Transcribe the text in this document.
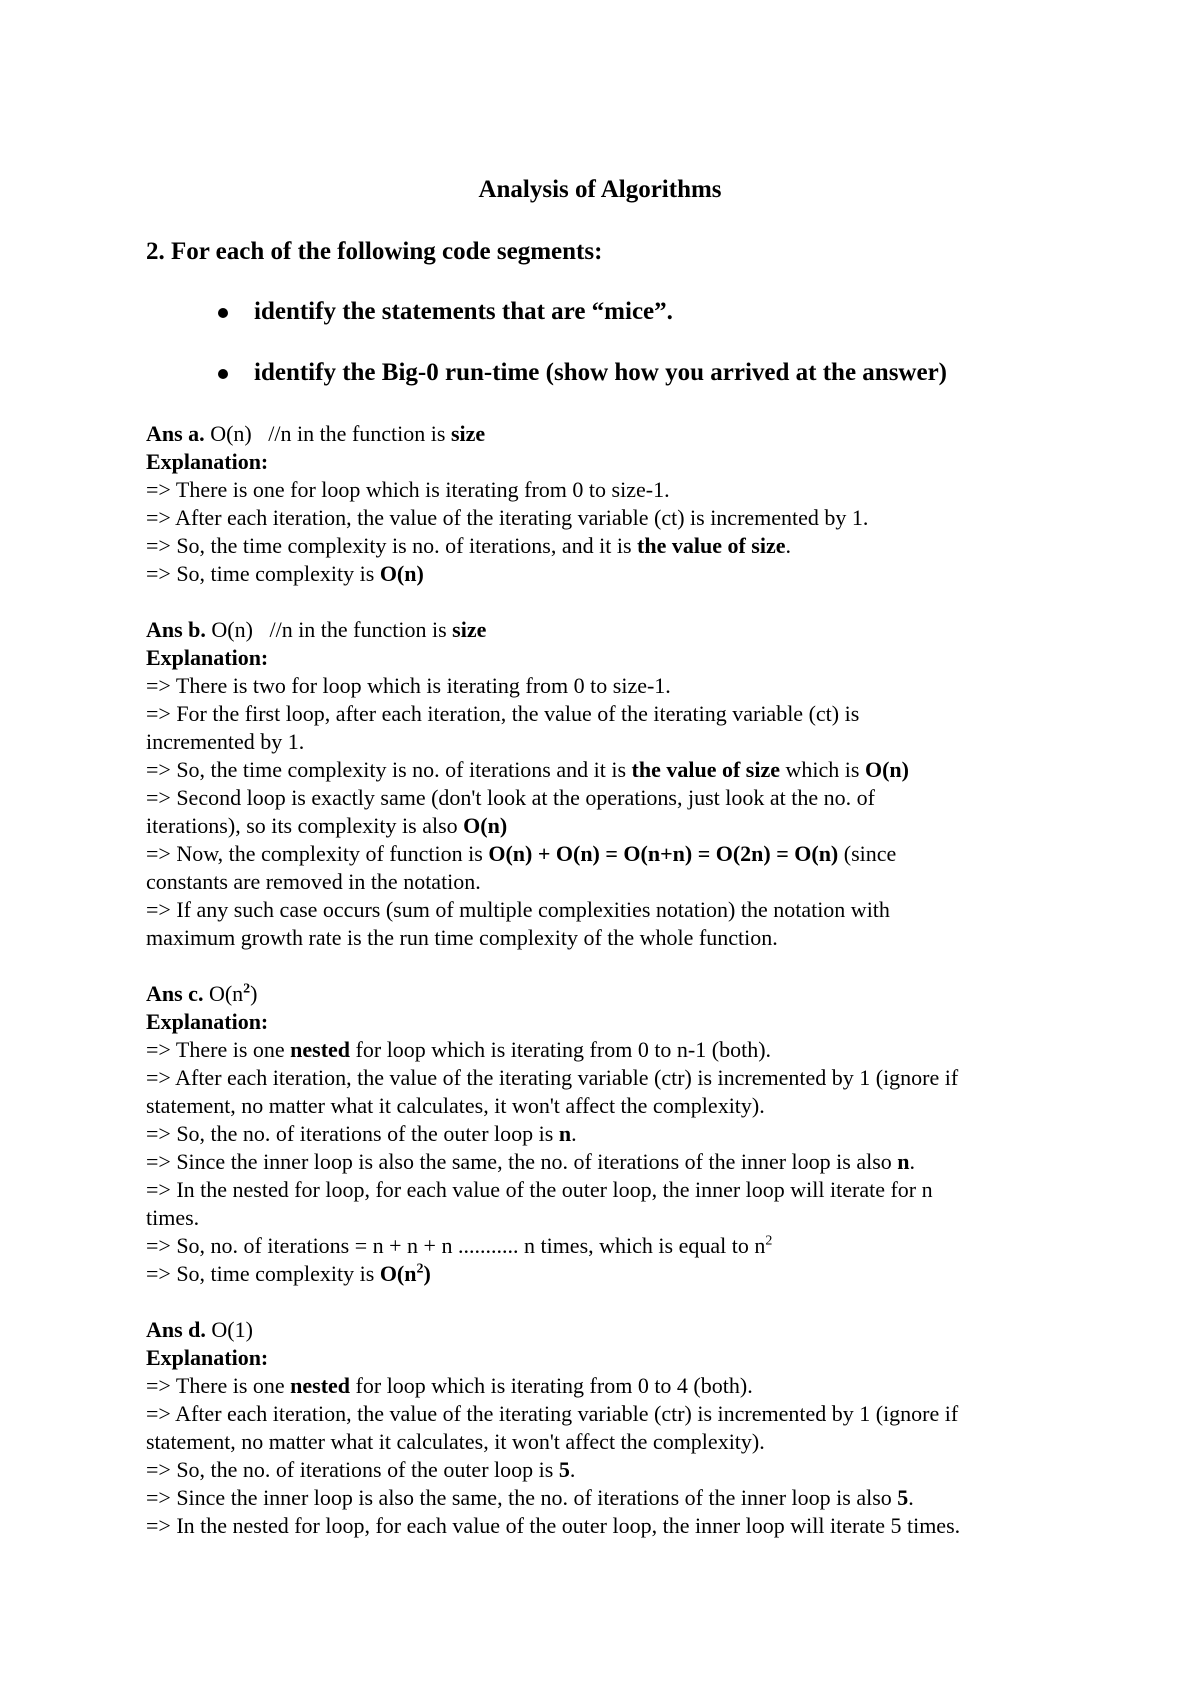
Analysis of Algorithms
2. For each of the following code segments:
identify the statements that are “mice”.
identify the Big-0 run-time (show how you arrived at the answer)
Ans a. O(n) //n in the function is size
Explanation:
=> There is one for loop which is iterating from 0 to size-1.
=> After each iteration, the value of the iterating variable (ct) is incremented by 1.
=> So, the time complexity is no. of iterations, and it is the value of size.
=> So, time complexity is O(n)
Ans b. O(n) //n in the function is size
Explanation:
=> There is two for loop which is iterating from 0 to size-1.
=> For the first loop, after each iteration, the value of the iterating variable (ct) is
incremented by 1.
=> So, the time complexity is no. of iterations and it is the value of size which is O(n)
=> Second loop is exactly same (don't look at the operations, just look at the no. of
iterations), so its complexity is also O(n)
=> Now, the complexity of function is O(n) + O(n) = O(n+n) = O(2n) = O(n) (since
constants are removed in the notation.
=> If any such case occurs (sum of multiple complexities notation) the notation with
maximum growth rate is the run time complexity of the whole function.
Ans c. $O(n^2)$
Explanation:
=> There is one nested for loop which is iterating from 0 to n-1 (both).
=> After each iteration, the value of the iterating variable (ctr) is incremented by 1 (ignore if
statement, no matter what it calculates, it won't affect the complexity).
=> So, the no. of iterations of the outer loop is n.
=> Since the inner loop is also the same, the no. of iterations of the inner loop is also n.
=> In the nested for loop, for each value of the outer loop, the inner loop will iterate for n
times.
=> So, no. of iterations = n + n + n ........... n times, which is equal to $n^2$
=> So, time complexity is $O(n^2)$
Ans d. O(1)
Explanation:
=> There is one nested for loop which is iterating from 0 to 4 (both).
=> After each iteration, the value of the iterating variable (ctr) is incremented by 1 (ignore if
statement, no matter what it calculates, it won't affect the complexity).
=> So, the no. of iterations of the outer loop is 5.
=> Since the inner loop is also the same, the no. of iterations of the inner loop is also 5.
=> In the nested for loop, for each value of the outer loop, the inner loop will iterate 5 times.
